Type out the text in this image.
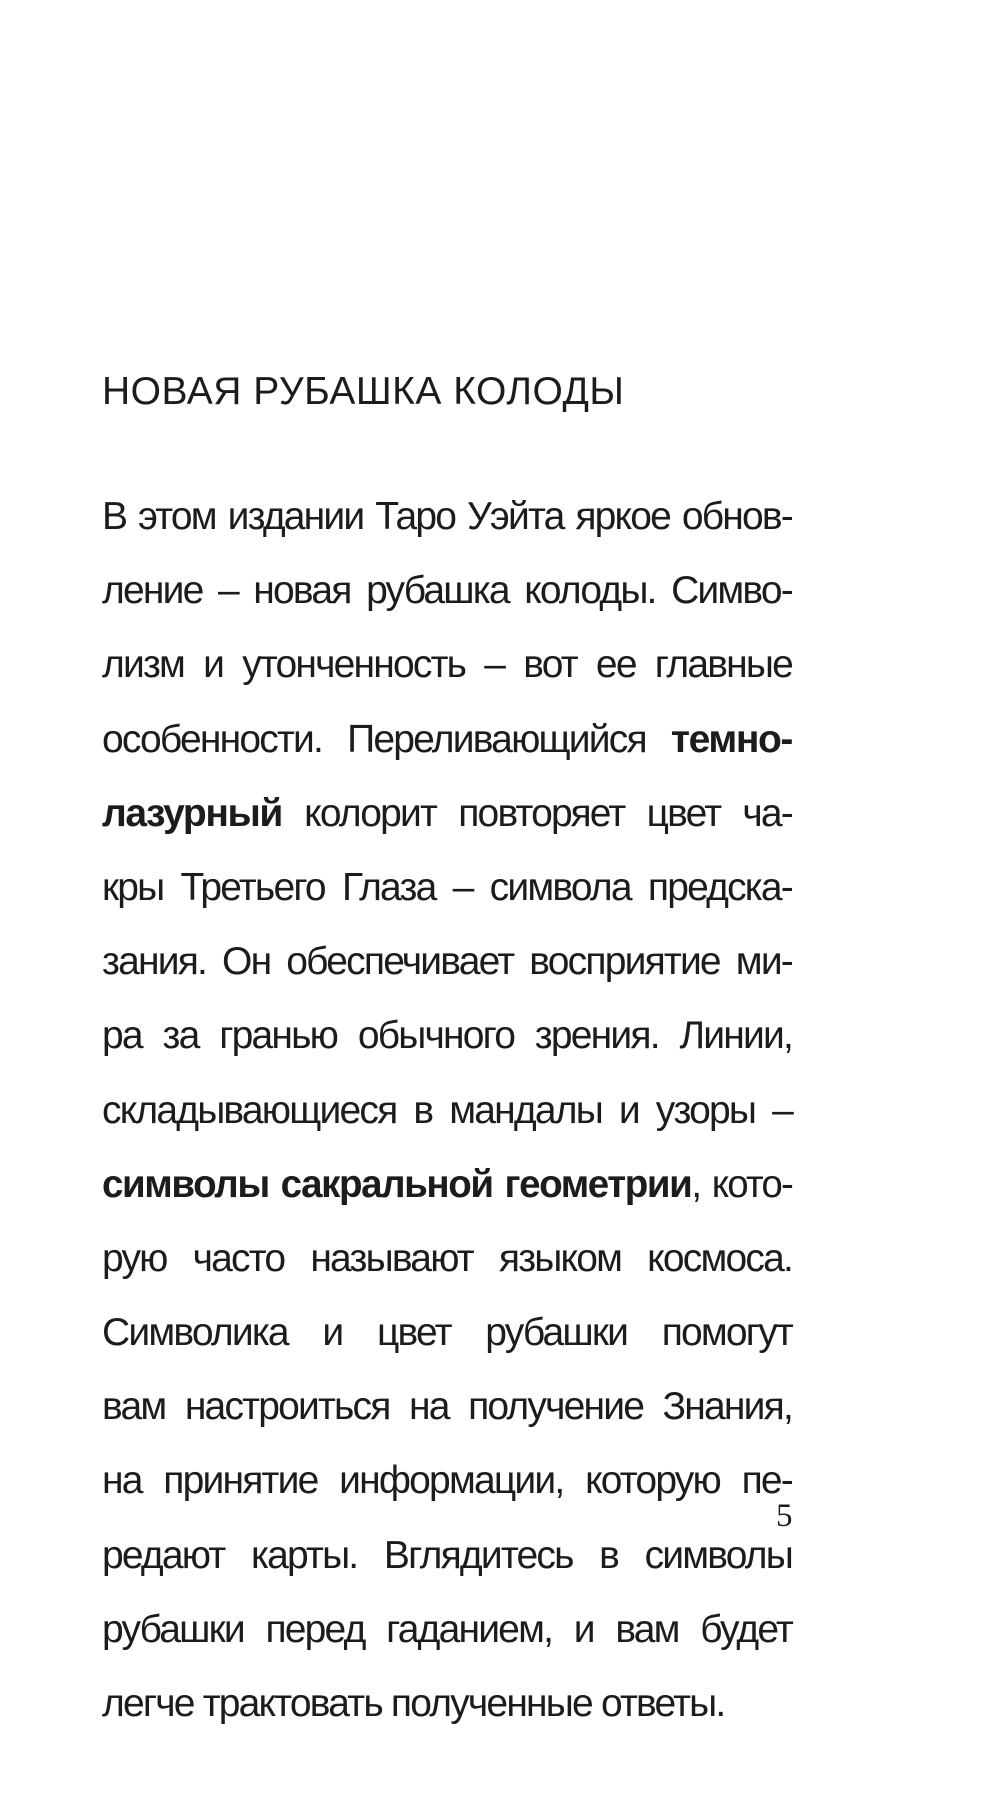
НОВАЯ РУБАШКА КОЛОДЫ
В этом издании Таро Уэйта яркое обнов-
ление – новая рубашка колоды. Симво-
лизм и утонченность – вот ее главные
особенности. Переливающийся темно-
лазурный колорит повторяет цвет ча-
кры Третьего Глаза – символа предска-
зания. Он обеспечивает восприятие ми-
ра за гранью обычного зрения. Линии,
складывающиеся в мандалы и узоры –
символы сакральной геометрии, кото-
рую часто называют языком космоса.
Символика и цвет рубашки помогут
вам настроиться на получение Знания,
на принятие информации, которую пе-
редают карты. Вглядитесь в символы
рубашки перед гаданием, и вам будет
легче трактовать полученные ответы.
5
